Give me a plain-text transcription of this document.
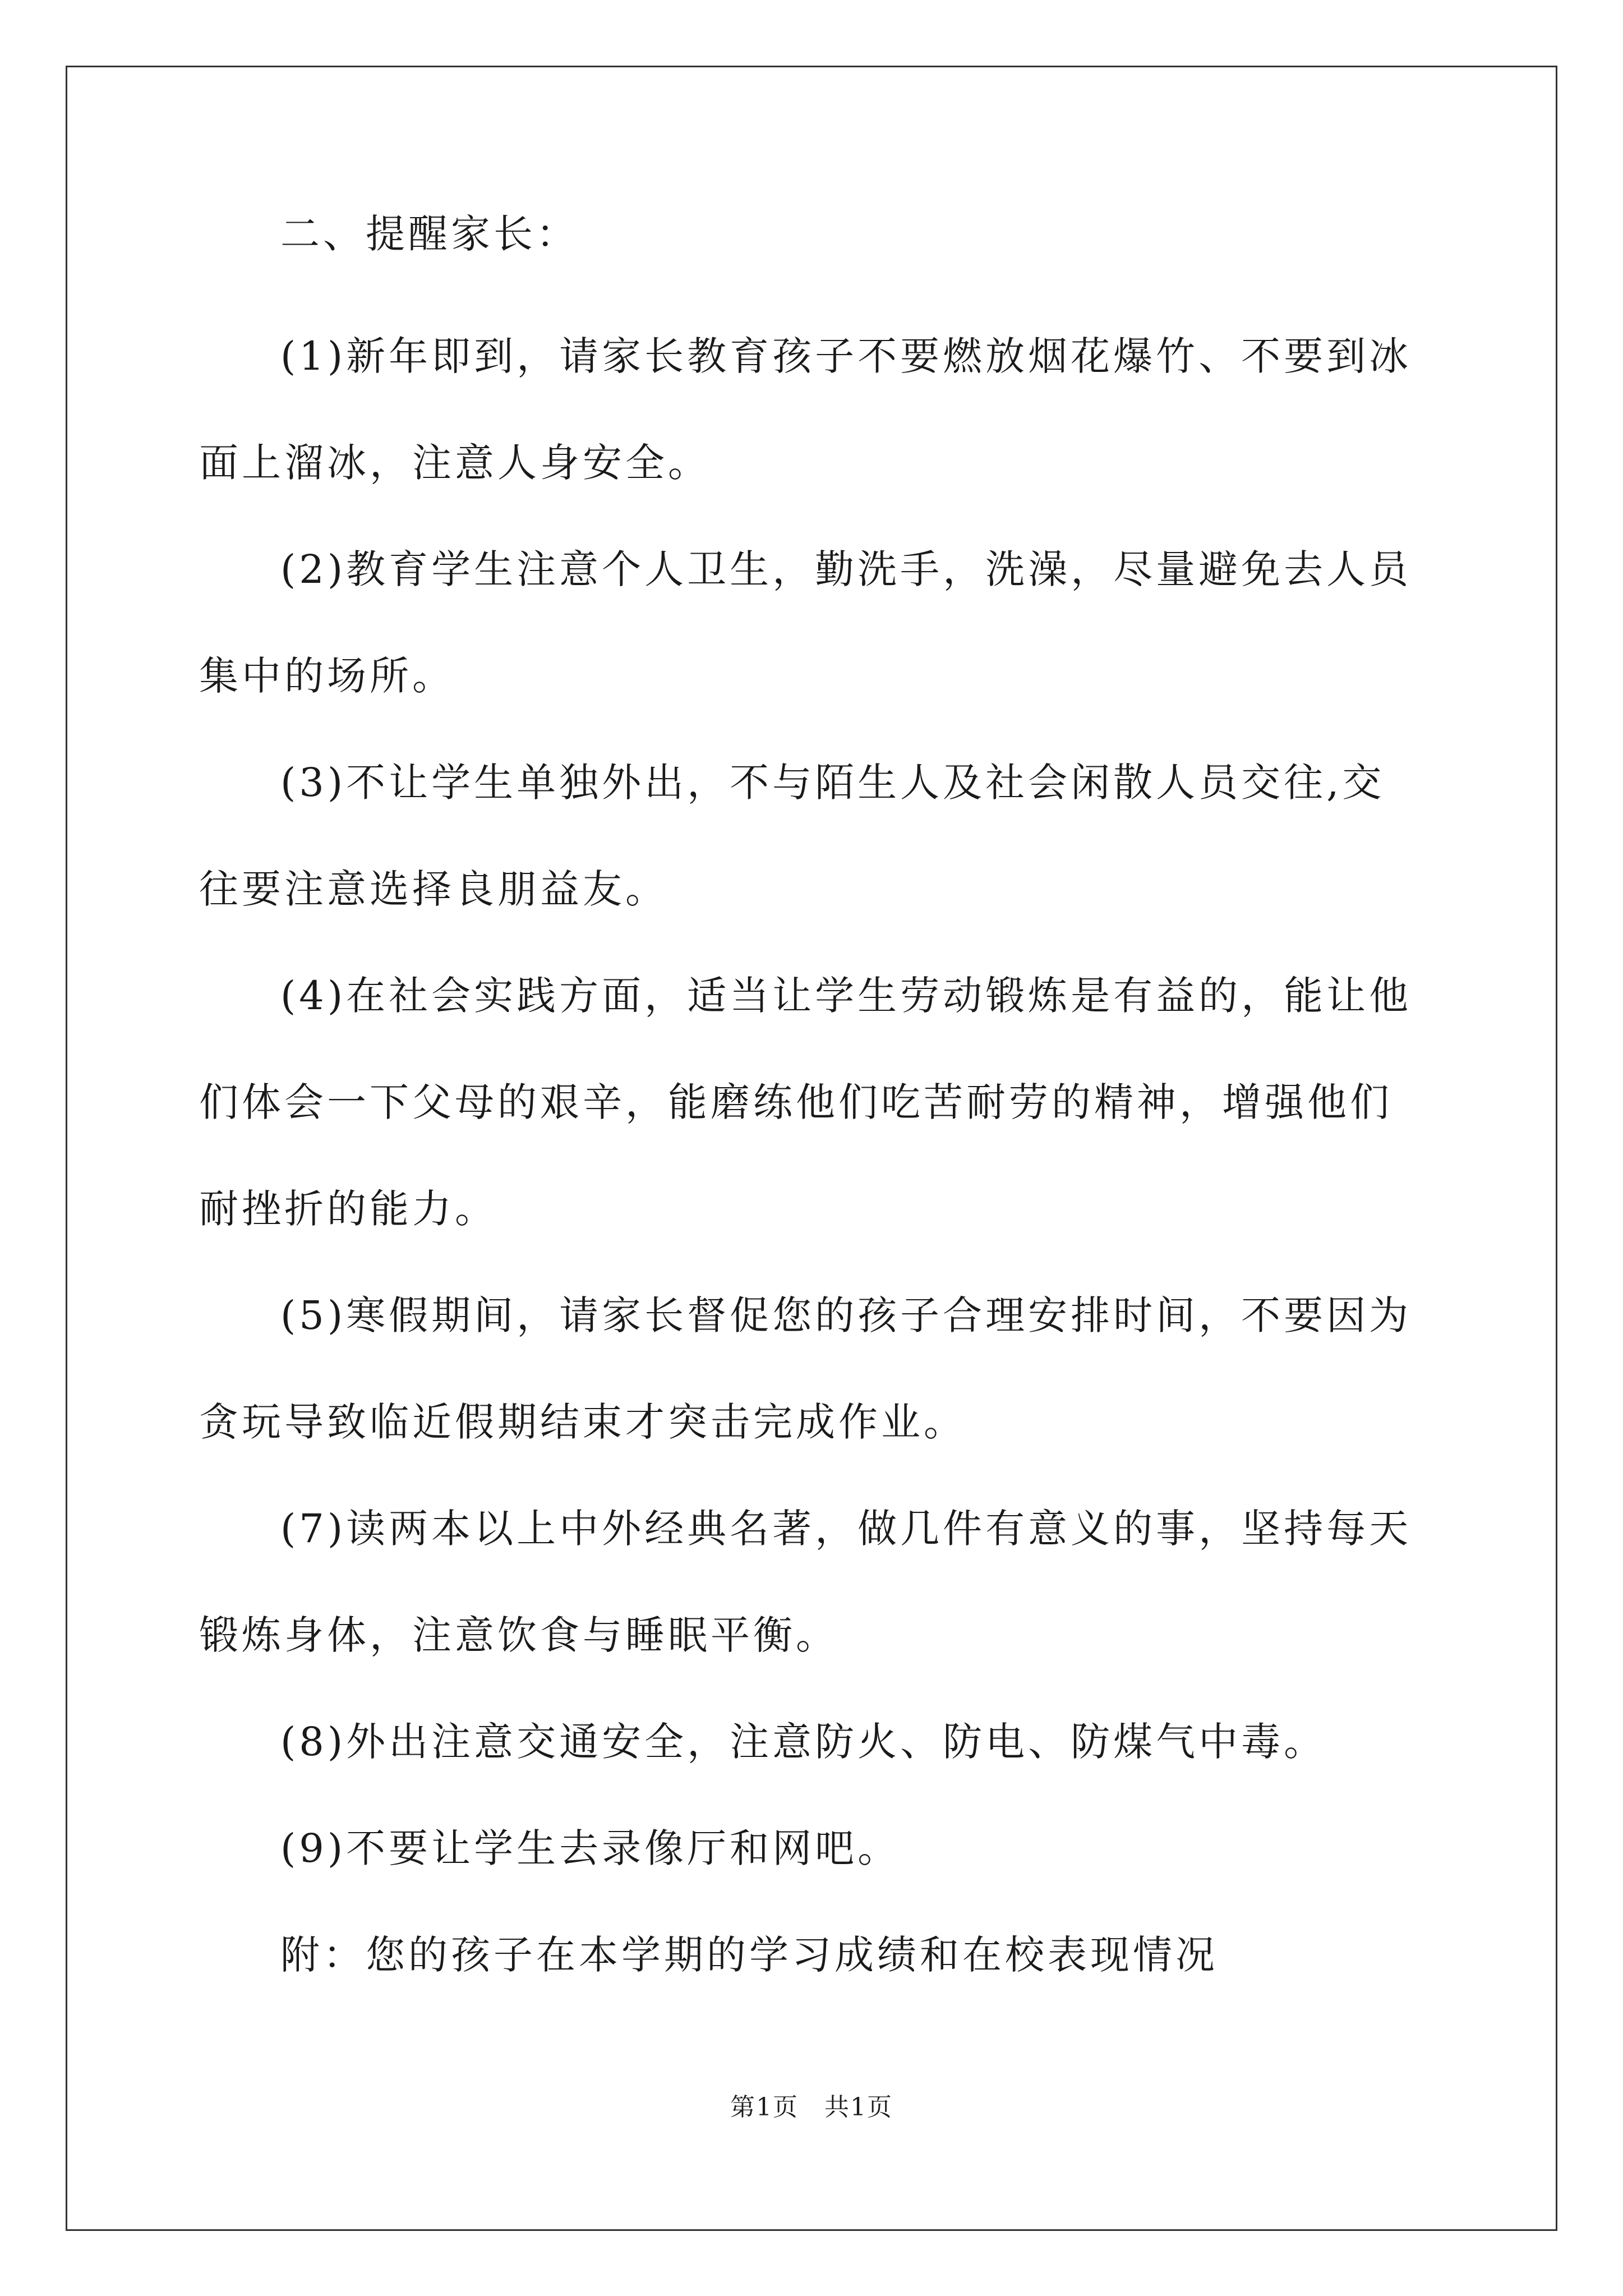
二、提醒家长：

(1)新年即到，请家长教育孩子不要燃放烟花爆竹、不要到冰面上溜冰，注意人身安全。

(2)教育学生注意个人卫生，勤洗手，洗澡，尽量避免去人员集中的场所。

(3)不让学生单独外出，不与陌生人及社会闲散人员交往,交往要注意选择良朋益友。

(4)在社会实践方面，适当让学生劳动锻炼是有益的，能让他们体会一下父母的艰辛，能磨练他们吃苦耐劳的精神，增强他们耐挫折的能力。

(5)寒假期间，请家长督促您的孩子合理安排时间，不要因为贪玩导致临近假期结束才突击完成作业。

(7)读两本以上中外经典名著，做几件有意义的事，坚持每天锻炼身体，注意饮食与睡眠平衡。

(8)外出注意交通安全，注意防火、防电、防煤气中毒。

(9)不要让学生去录像厅和网吧。

附：您的孩子在本学期的学习成绩和在校表现情况

第1页　共1页
